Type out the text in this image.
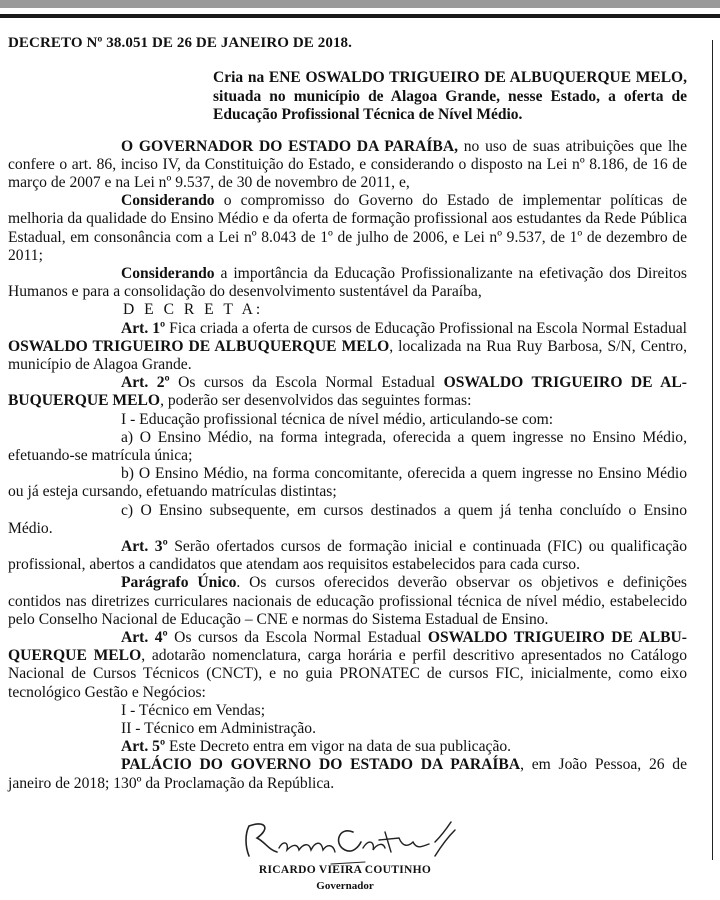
DECRETO Nº 38.051 DE 26 DE JANEIRO DE 2018.
Cria na ENE OSWALDO TRIGUEIRO DE ALBUQUERQUE MELO, situada no município de Alagoa Grande, nesse Estado, a oferta de Educação Profissional Técnica de Nível Médio.

O GOVERNADOR DO ESTADO DA PARAÍBA, no uso de suas atribuições que lhe confere o art. 86, inciso IV, da Constituição do Estado, e considerando o disposto na Lei nº 8.186, de 16 de março de 2007 e na Lei nº 9.537, de 30 de novembro de 2011, e,

Considerando o compromisso do Governo do Estado de implementar políticas de melhoria da qualidade do Ensino Médio e da oferta de formação profissional aos estudantes da Rede Pública Estadual, em consonância com a Lei nº 8.043 de 1º de julho de 2006, e Lei nº 9.537, de 1º de dezembro de 2011;

Considerando a importância da Educação Profissionalizante na efetivação dos Direitos Humanos e para a consolidação do desenvolvimento sustentável da Paraíba,

D E C R E T A:

Art. 1º Fica criada a oferta de cursos de Educação Profissional na Escola Normal Estadual OSWALDO TRIGUEIRO DE ALBUQUERQUE MELO, localizada na Rua Ruy Barbosa, S/N, Centro, município de Alagoa Grande.

Art. 2º Os cursos da Escola Normal Estadual OSWALDO TRIGUEIRO DE AL- BUQUERQUE MELO, poderão ser desenvolvidos das seguintes formas:

I - Educação profissional técnica de nível médio, articulando-se com:

a) O Ensino Médio, na forma integrada, oferecida a quem ingresse no Ensino Médio, efetuando-se matrícula única;

b) O Ensino Médio, na forma concomitante, oferecida a quem ingresse no Ensino Médio ou já esteja cursando, efetuando matrículas distintas;

c) O Ensino subsequente, em cursos destinados a quem já tenha concluído o Ensino Médio.

Art. 3º Serão ofertados cursos de formação inicial e continuada (FIC) ou qualificação profissional, abertos a candidatos que atendam aos requisitos estabelecidos para cada curso.

Parágrafo Único. Os cursos oferecidos deverão observar os objetivos e definições contidos nas diretrizes curriculares nacionais de educação profissional técnica de nível médio, estabelecido pelo Conselho Nacional de Educação – CNE e normas do Sistema Estadual de Ensino.

Art. 4º Os cursos da Escola Normal Estadual OSWALDO TRIGUEIRO DE ALBU- QUERQUE MELO, adotarão nomenclatura, carga horária e perfil descritivo apresentados no Catálogo Nacional de Cursos Técnicos (CNCT), e no guia PRONATEC de cursos FIC, inicialmente, como eixo tecnológico Gestão e Negócios:

I - Técnico em Vendas;

II - Técnico em Administração.

Art. 5º Este Decreto entra em vigor na data de sua publicação.

PALÁCIO DO GOVERNO DO ESTADO DA PARAÍBA, em João Pessoa, 26 de janeiro de 2018; 130º da Proclamação da República.

RICARDO VIEIRA COUTINHO
Governador
